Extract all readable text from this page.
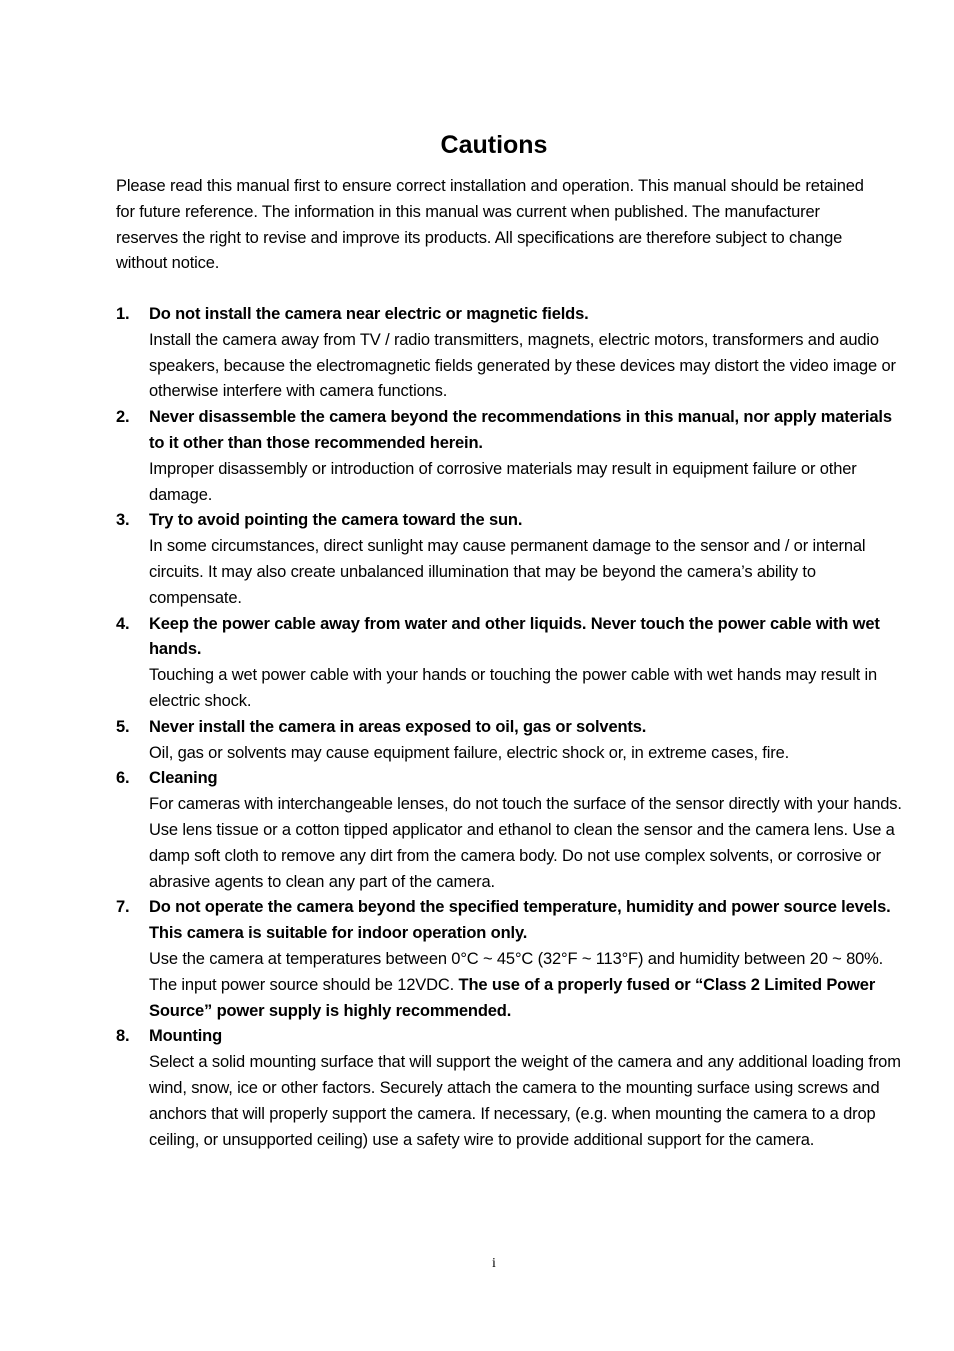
Cautions

Please read this manual first to ensure correct installation and operation. This manual should be retained for future reference. The information in this manual was current when published. The manufacturer reserves the right to revise and improve its products. All specifications are therefore subject to change without notice.

1. Do not install the camera near electric or magnetic fields.
Install the camera away from TV / radio transmitters, magnets, electric motors, transformers and audio speakers, because the electromagnetic fields generated by these devices may distort the video image or otherwise interfere with camera functions.
2. Never disassemble the camera beyond the recommendations in this manual, nor apply materials to it other than those recommended herein.
Improper disassembly or introduction of corrosive materials may result in equipment failure or other damage.
3. Try to avoid pointing the camera toward the sun.
In some circumstances, direct sunlight may cause permanent damage to the sensor and / or internal circuits. It may also create unbalanced illumination that may be beyond the camera’s ability to compensate.
4. Keep the power cable away from water and other liquids. Never touch the power cable with wet hands.
Touching a wet power cable with your hands or touching the power cable with wet hands may result in electric shock.
5. Never install the camera in areas exposed to oil, gas or solvents.
Oil, gas or solvents may cause equipment failure, electric shock or, in extreme cases, fire.
6. Cleaning
For cameras with interchangeable lenses, do not touch the surface of the sensor directly with your hands. Use lens tissue or a cotton tipped applicator and ethanol to clean the sensor and the camera lens. Use a damp soft cloth to remove any dirt from the camera body. Do not use complex solvents, or corrosive or abrasive agents to clean any part of the camera.
7. Do not operate the camera beyond the specified temperature, humidity and power source levels. This camera is suitable for indoor operation only.
Use the camera at temperatures between 0°C ~ 45°C (32°F ~ 113°F) and humidity between 20 ~ 80%. The input power source should be 12VDC. The use of a properly fused or “Class 2 Limited Power Source” power supply is highly recommended.
8. Mounting
Select a solid mounting surface that will support the weight of the camera and any additional loading from wind, snow, ice or other factors. Securely attach the camera to the mounting surface using screws and anchors that will properly support the camera. If necessary, (e.g. when mounting the camera to a drop ceiling, or unsupported ceiling) use a safety wire to provide additional support for the camera.
i
